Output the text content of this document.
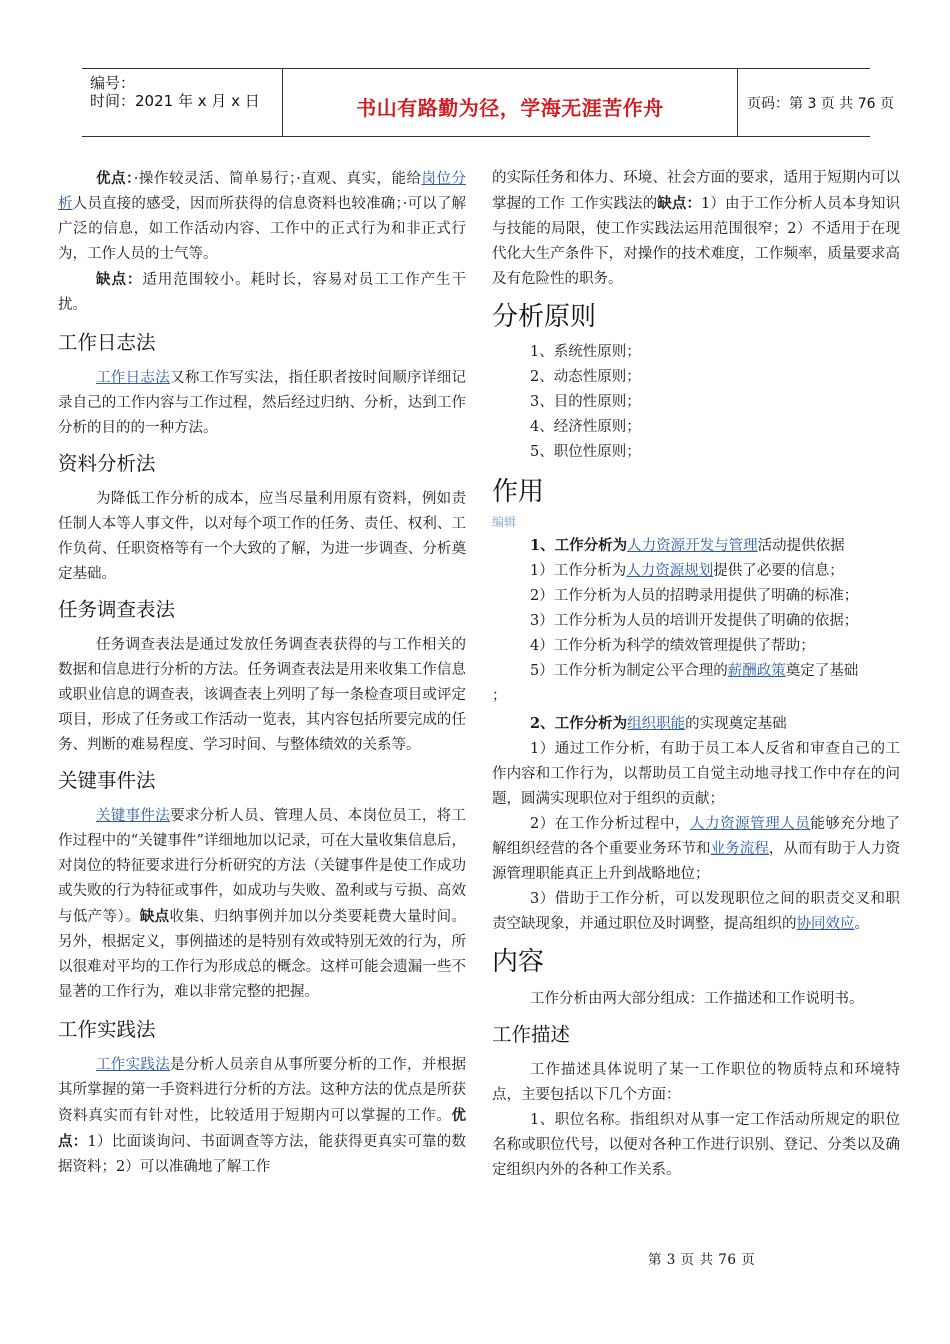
编号：
时间：2021 年 x 月 x 日	书山有路勤为径，学海无涯苦作舟	页码：第 3 页 共 76 页

优点：·操作较灵活、简单易行；·直观、真实，能给岗位分析人员直接的感受，因而所获得的信息资料也较准确；·可以了解广泛的信息，如工作活动内容、工作中的正式行为和非正式行为，工作人员的士气等。

缺点：适用范围较小。耗时长，容易对员工工作产生干扰。

工作日志法

工作日志法又称工作写实法，指任职者按时间顺序详细记录自己的工作内容与工作过程，然后经过归纳、分析，达到工作分析的目的的一种方法。

资料分析法

为降低工作分析的成本，应当尽量利用原有资料，例如责任制人本等人事文件，以对每个项工作的任务、责任、权利、工作负荷、任职资格等有一个大致的了解，为进一步调查、分析奠定基础。

任务调查表法

任务调查表法是通过发放任务调查表获得的与工作相关的数据和信息进行分析的方法。任务调查表法是用来收集工作信息或职业信息的调查表，该调查表上列明了每一条检查项目或评定项目，形成了任务或工作活动一览表，其内容包括所要完成的任务、判断的难易程度、学习时间、与整体绩效的关系等。

关键事件法

关键事件法要求分析人员、管理人员、本岗位员工，将工作过程中的“关键事件”详细地加以记录，可在大量收集信息后，对岗位的特征要求进行分析研究的方法（关键事件是使工作成功或失败的行为特征或事件，如成功与失败、盈利或与亏损、高效与低产等）。缺点收集、归纳事例并加以分类要耗费大量时间。另外，根据定义，事例描述的是特别有效或特别无效的行为，所以很难对平均的工作行为形成总的概念。这样可能会遗漏一些不显著的工作行为，难以非常完整的把握。

工作实践法

工作实践法是分析人员亲自从事所要分析的工作，并根据其所掌握的第一手资料进行分析的方法。这种方法的优点是所获资料真实而有针对性，比较适用于短期内可以掌握的工作。优点：1）比面谈询问、书面调查等方法，能获得更真实可靠的数据资料；2）可以准确地了解工作

的实际任务和体力、环境、社会方面的要求，适用于短期内可以掌握的工作 工作实践法的缺点：1）由于工作分析人员本身知识与技能的局限，使工作实践法运用范围很窄；2）不适用于在现代化大生产条件下，对操作的技术难度，工作频率，质量要求高及有危险性的职务。

分析原则

1、系统性原则；

2、动态性原则；

3、目的性原则；

4、经济性原则；

5、职位性原则；

作用
编辑

1、工作分析为人力资源开发与管理活动提供依据

1）工作分析为人力资源规划提供了必要的信息；

2）工作分析为人员的招聘录用提供了明确的标准；

3）工作分析为人员的培训开发提供了明确的依据；

4）工作分析为科学的绩效管理提供了帮助；

5）工作分析为制定公平合理的薪酬政策奠定了基础

；

2、工作分析为组织职能的实现奠定基础

1）通过工作分析，有助于员工本人反省和审查自己的工作内容和工作行为，以帮助员工自觉主动地寻找工作中存在的问题，圆满实现职位对于组织的贡献；

2）在工作分析过程中，人力资源管理人员能够充分地了解组织经营的各个重要业务环节和业务流程，从而有助于人力资源管理职能真正上升到战略地位；

3）借助于工作分析，可以发现职位之间的职责交叉和职责空缺现象，并通过职位及时调整，提高组织的协同效应。

内容

工作分析由两大部分组成：工作描述和工作说明书。

工作描述

工作描述具体说明了某一工作职位的物质特点和环境特点，主要包括以下几个方面：

1、职位名称。指组织对从事一定工作活动所规定的职位名称或职位代号，以便对各种工作进行识别、登记、分类以及确定组织内外的各种工作关系。

第 3 页 共 76 页
